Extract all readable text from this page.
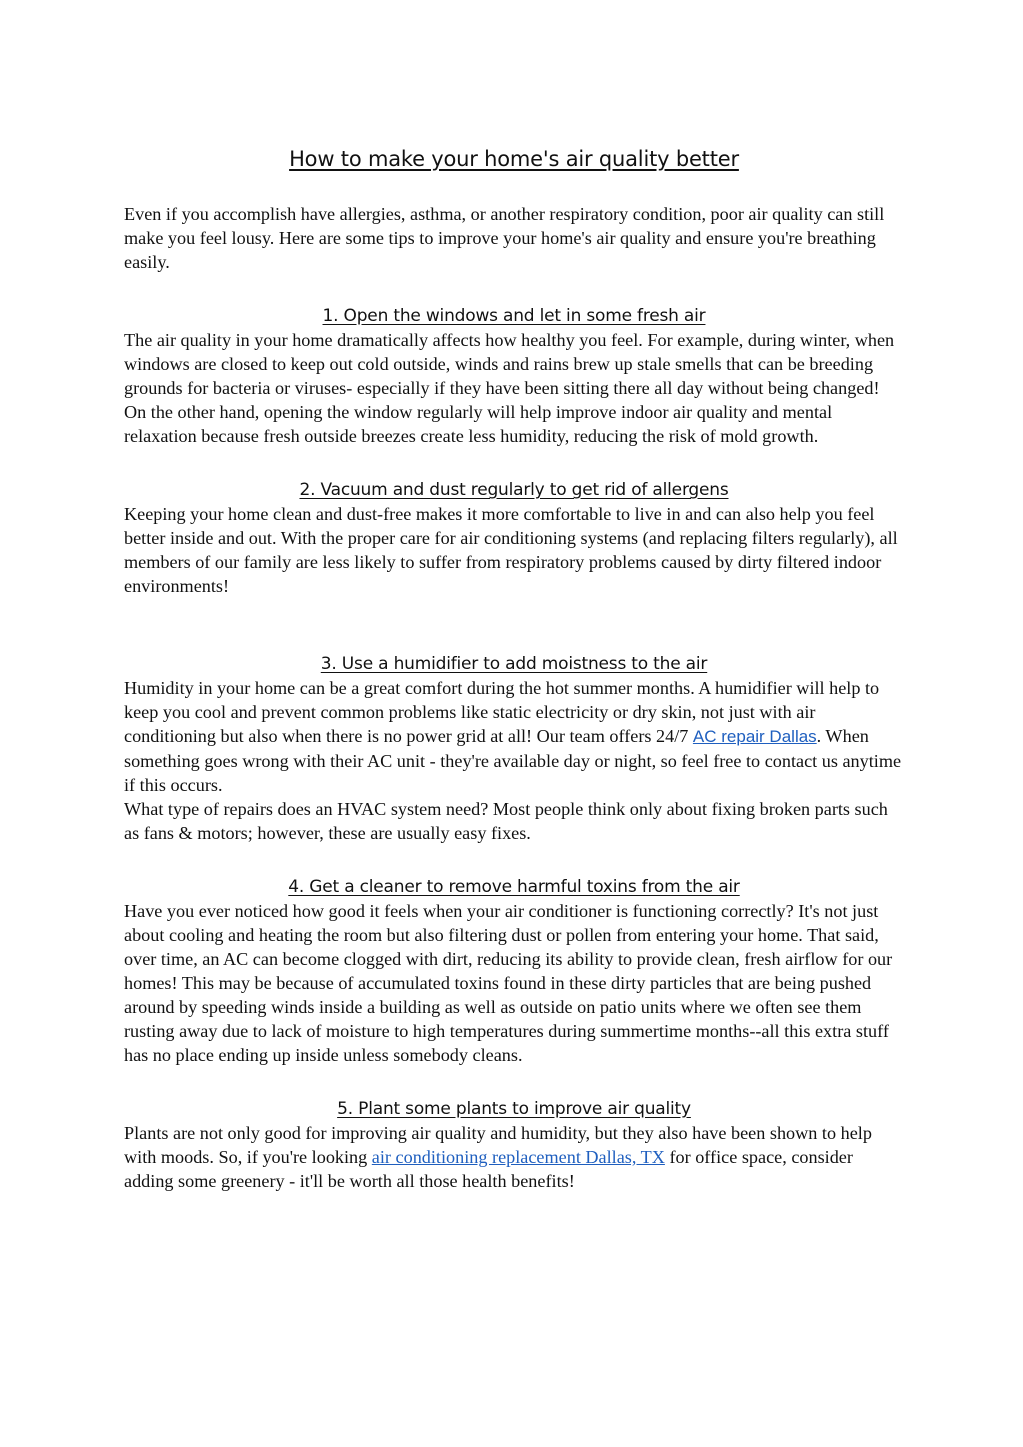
How to make your home's air quality better

Even if you accomplish have allergies, asthma, or another respiratory condition, poor air quality can still make you feel lousy. Here are some tips to improve your home's air quality and ensure you're breathing easily.

1. Open the windows and let in some fresh air

The air quality in your home dramatically affects how healthy you feel. For example, during winter, when windows are closed to keep out cold outside, winds and rains brew up stale smells that can be breeding grounds for bacteria or viruses- especially if they have been sitting there all day without being changed! On the other hand, opening the window regularly will help improve indoor air quality and mental relaxation because fresh outside breezes create less humidity, reducing the risk of mold growth.

2. Vacuum and dust regularly to get rid of allergens

Keeping your home clean and dust-free makes it more comfortable to live in and can also help you feel better inside and out. With the proper care for air conditioning systems (and replacing filters regularly), all members of our family are less likely to suffer from respiratory problems caused by dirty filtered indoor environments!

3. Use a humidifier to add moistness to the air

Humidity in your home can be a great comfort during the hot summer months. A humidifier will help to keep you cool and prevent common problems like static electricity or dry skin, not just with air conditioning but also when there is no power grid at all! Our team offers 24/7 AC repair Dallas. When something goes wrong with their AC unit - they're available day or night, so feel free to contact us anytime if this occurs.

What type of repairs does an HVAC system need? Most people think only about fixing broken parts such as fans & motors; however, these are usually easy fixes.

4. Get a cleaner to remove harmful toxins from the air

Have you ever noticed how good it feels when your air conditioner is functioning correctly? It's not just about cooling and heating the room but also filtering dust or pollen from entering your home. That said, over time, an AC can become clogged with dirt, reducing its ability to provide clean, fresh airflow for our homes! This may be because of accumulated toxins found in these dirty particles that are being pushed around by speeding winds inside a building as well as outside on patio units where we often see them rusting away due to lack of moisture to high temperatures during summertime months--all this extra stuff has no place ending up inside unless somebody cleans.

5. Plant some plants to improve air quality

Plants are not only good for improving air quality and humidity, but they also have been shown to help with moods. So, if you're looking air conditioning replacement Dallas, TX for office space, consider adding some greenery - it'll be worth all those health benefits!
